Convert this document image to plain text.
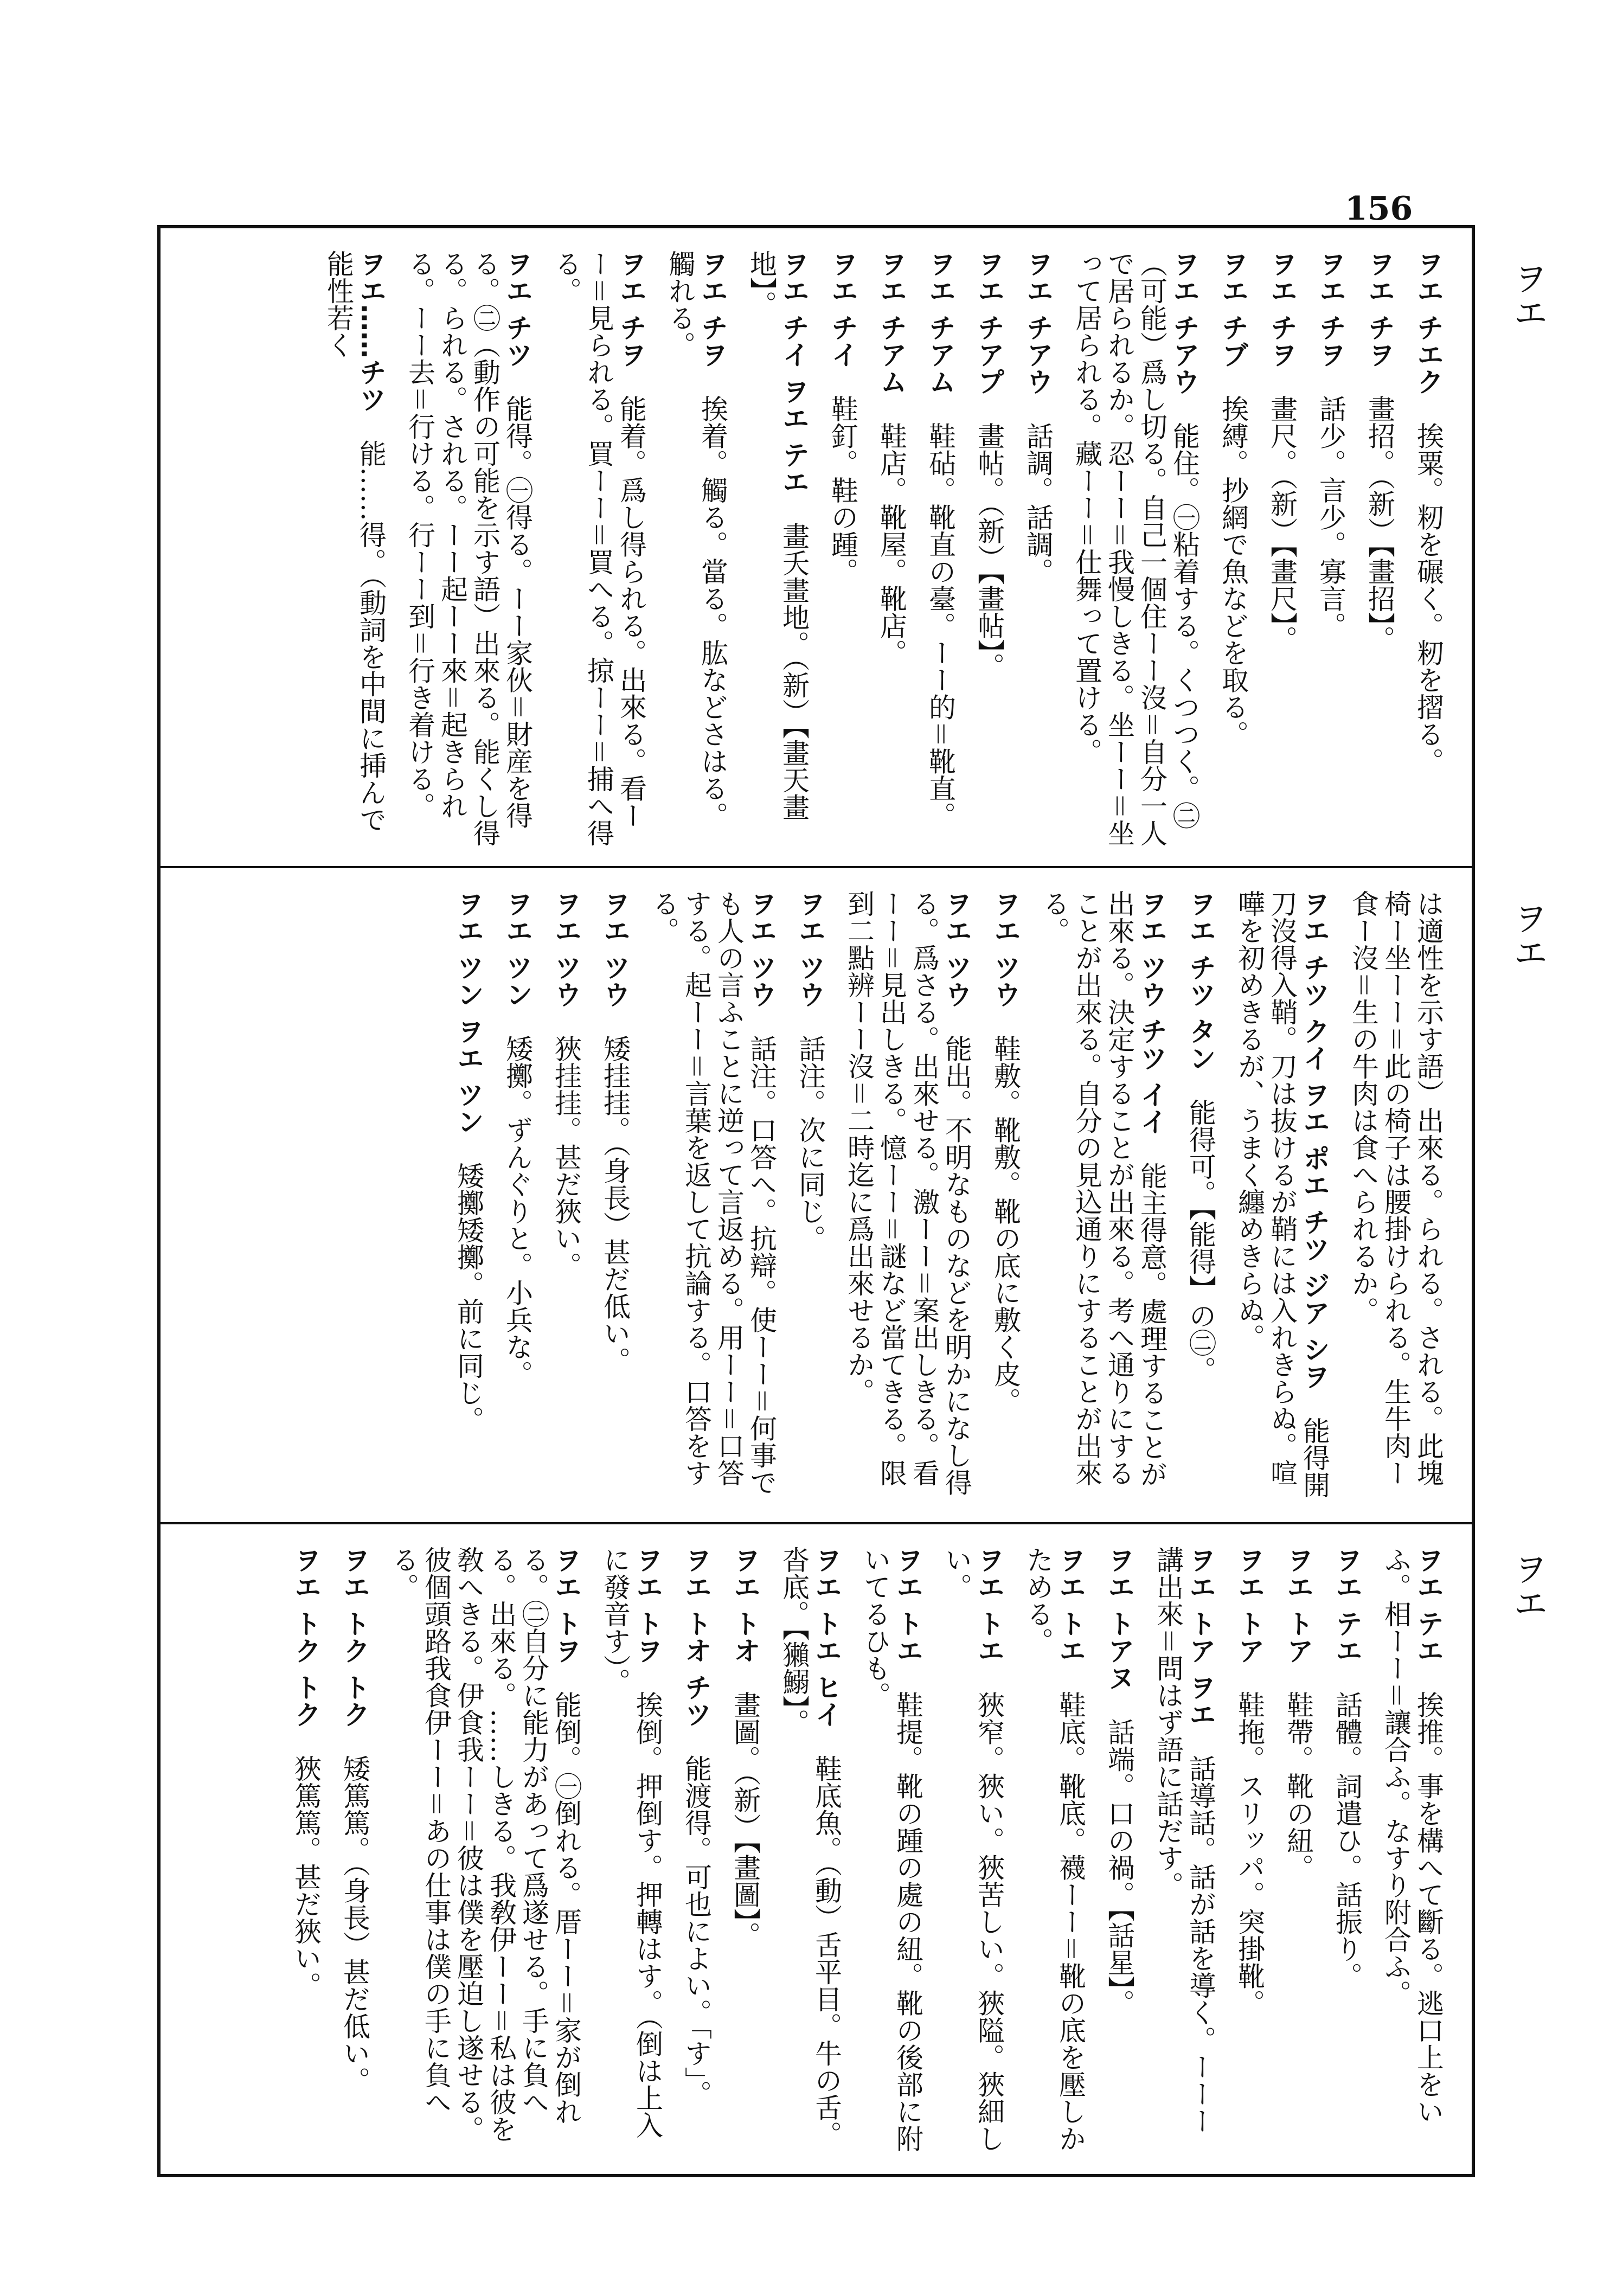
156
ヲエ
ヲエ
ヲエ
ヲエ チエク　挨粟。籾を碾く。籾を摺る。
ヲエ チヲ　畫招。（新）【畫招】。
ヲエ チヲ　話少。言少。寡言。
ヲエ チヲ　畫尺。（新）【畫尺】。
ヲエ チブ　挨縛。抄網で魚などを取る。
ヲエ チアウ　能住。㊀粘着する。くつつく。㊁（可能）爲し切る。自己一個住ーー沒＝自分一人で居られるか。忍ーー＝我慢しきる。坐ーー＝坐って居られる。藏ーー＝仕舞って置ける。
ヲエ チアウ　話調。話調。
ヲエ チアプ　畫帖。（新）【畫帖】。
ヲエ チアム　鞋砧。靴直の臺。ーー的＝靴直。
ヲエ チアム　鞋店。靴屋。靴店。
ヲエ チイ　鞋釘。鞋の踵。
ヲエ チイ ヲエ テエ　畫夭畫地。（新）【畫天畫地】。
ヲエ チヲ　挨着。觸る。當る。肱などさはる。觸れる。
ヲエ チヲ　能着。爲し得られる。出來る。看ーー＝見られる。買ーー＝買へる。掠ーー＝捕へ得る。
ヲエ チツ　能得。㊀得る。ーー家伙＝財産を得る。㊁（動作の可能を示す語）出來る。能くし得る。られる。される。ーー起ーー來＝起きられる。ーー去＝行ける。行ーー到＝行き着ける。
ヲエ……チツ　能……得。（動詞を中間に挿んで能性若く
は適性を示す語）出來る。られる。される。此塊椅ー坐ーー＝此の椅子は腰掛けられる。生牛肉ー食ー沒＝生の牛肉は食へられるか。
ヲエ チツ クイ ヲエ ポエ チツ ジア シヲ　能得開刀沒得入鞘。刀は抜けるが鞘には入れきらぬ。喧嘩を初めきるが、うまく纏めきらぬ。
ヲエ チツ タン　能得可。【能得】の㊁。
ヲエ ツウ チツ イイ　能主得意。處理することが出來る。決定することが出來る。考へ通りにすることが出來る。自分の見込通りにすることが出來る。
ヲエ ツウ　鞋敷。靴敷。靴の底に敷く皮。
ヲエ ツウ　能出。不明なものなどを明かになし得る。爲さる。出來せる。激ーー＝案出しきる。看ーー＝見出しきる。憶ーー＝謎など當てきる。限到二點辨ーー沒＝二時迄に爲出來せるか。
ヲエ ツウ　話注。次に同じ。
ヲエ ツウ　話注。口答へ。抗辯。使ーー＝何事でも人の言ふことに逆って言返める。用ーー＝口答する。起ーー＝言葉を返して抗論する。口答をする。
ヲエ ツウ　矮挂挂。（身長）甚だ低い。
ヲエ ツウ　狹挂挂。甚だ狹い。
ヲエ ツン　矮擲。ずんぐりと。小兵な。
ヲエ ツン ヲエ ツン　矮擲矮擲。前に同じ。
ヲエ テエ　挨推。事を構へて斷る。逃口上をいふ。相ーー＝讓合ふ。なすり附合ふ。
ヲエ テエ　話體。詞遣ひ。話振り。
ヲエ トア　鞋帶。靴の紐。
ヲエ トア　鞋拖。スリッパ。突掛靴。
ヲエ トア ヲエ　話導話。話が話を導く。ーーー講出來＝問はず語に話だす。
ヲエ トアヌ　話端。口の禍。【話星】。
ヲエ トエ　鞋底。靴底。襪ーー＝靴の底を壓しかためる。
ヲエ トエ　狹窄。狹い。狹苦しい。狹隘。狹細しい。
ヲエ トエ　鞋提。靴の踵の處の紐。靴の後部に附いてるひも。
ヲエ トエ ヒイ　鞋底魚。（動）舌平目。牛の舌。沓底。【獺鰯】。
ヲエ トオ　畫圖。（新）【畫圖】。
ヲエ トオ チツ　能渡得。可也によい。「す」。
ヲエ トヲ　挨倒。押倒す。押轉はす。（倒は上入に發音す）。
ヲエ トヲ　能倒。㊀倒れる。厝ーー＝家が倒れる。㊁自分に能力があって爲遂せる。手に負へる。出來る。……しきる。我敎伊ーー＝私は彼を敎へきる。伊食我ーー＝彼は僕を壓迫し遂せる。彼個頭路我食伊ーー＝あの仕事は僕の手に負へる。
ヲエ トク トク　矮篤篤。（身長）甚だ低い。
ヲエ トク トク　狹篤篤。甚だ狹い。
